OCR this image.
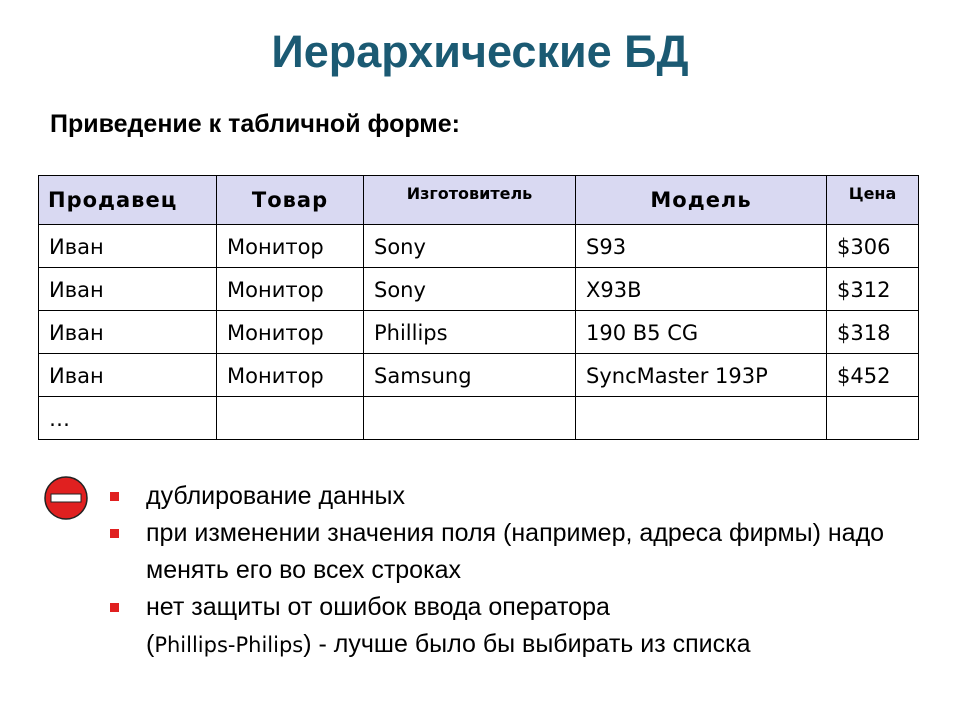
Иерархические БД
Приведение к табличной форме:
Продавец	Товар	Изготовитель	Модель	Цена
Иван	Монитор	Sony	S93	$306
Иван	Монитор	Sony	X93B	$312
Иван	Монитор	Phillips	190 B5 CG	$318
Иван	Монитор	Samsung	SyncMaster 193P	$452
…				
дублирование данных
при изменении значения поля (например, адреса фирмы) надо менять его во всех строках
нет защиты от ошибок ввода оператора
(Phillips-Philips) - лучше было бы выбирать из списка
